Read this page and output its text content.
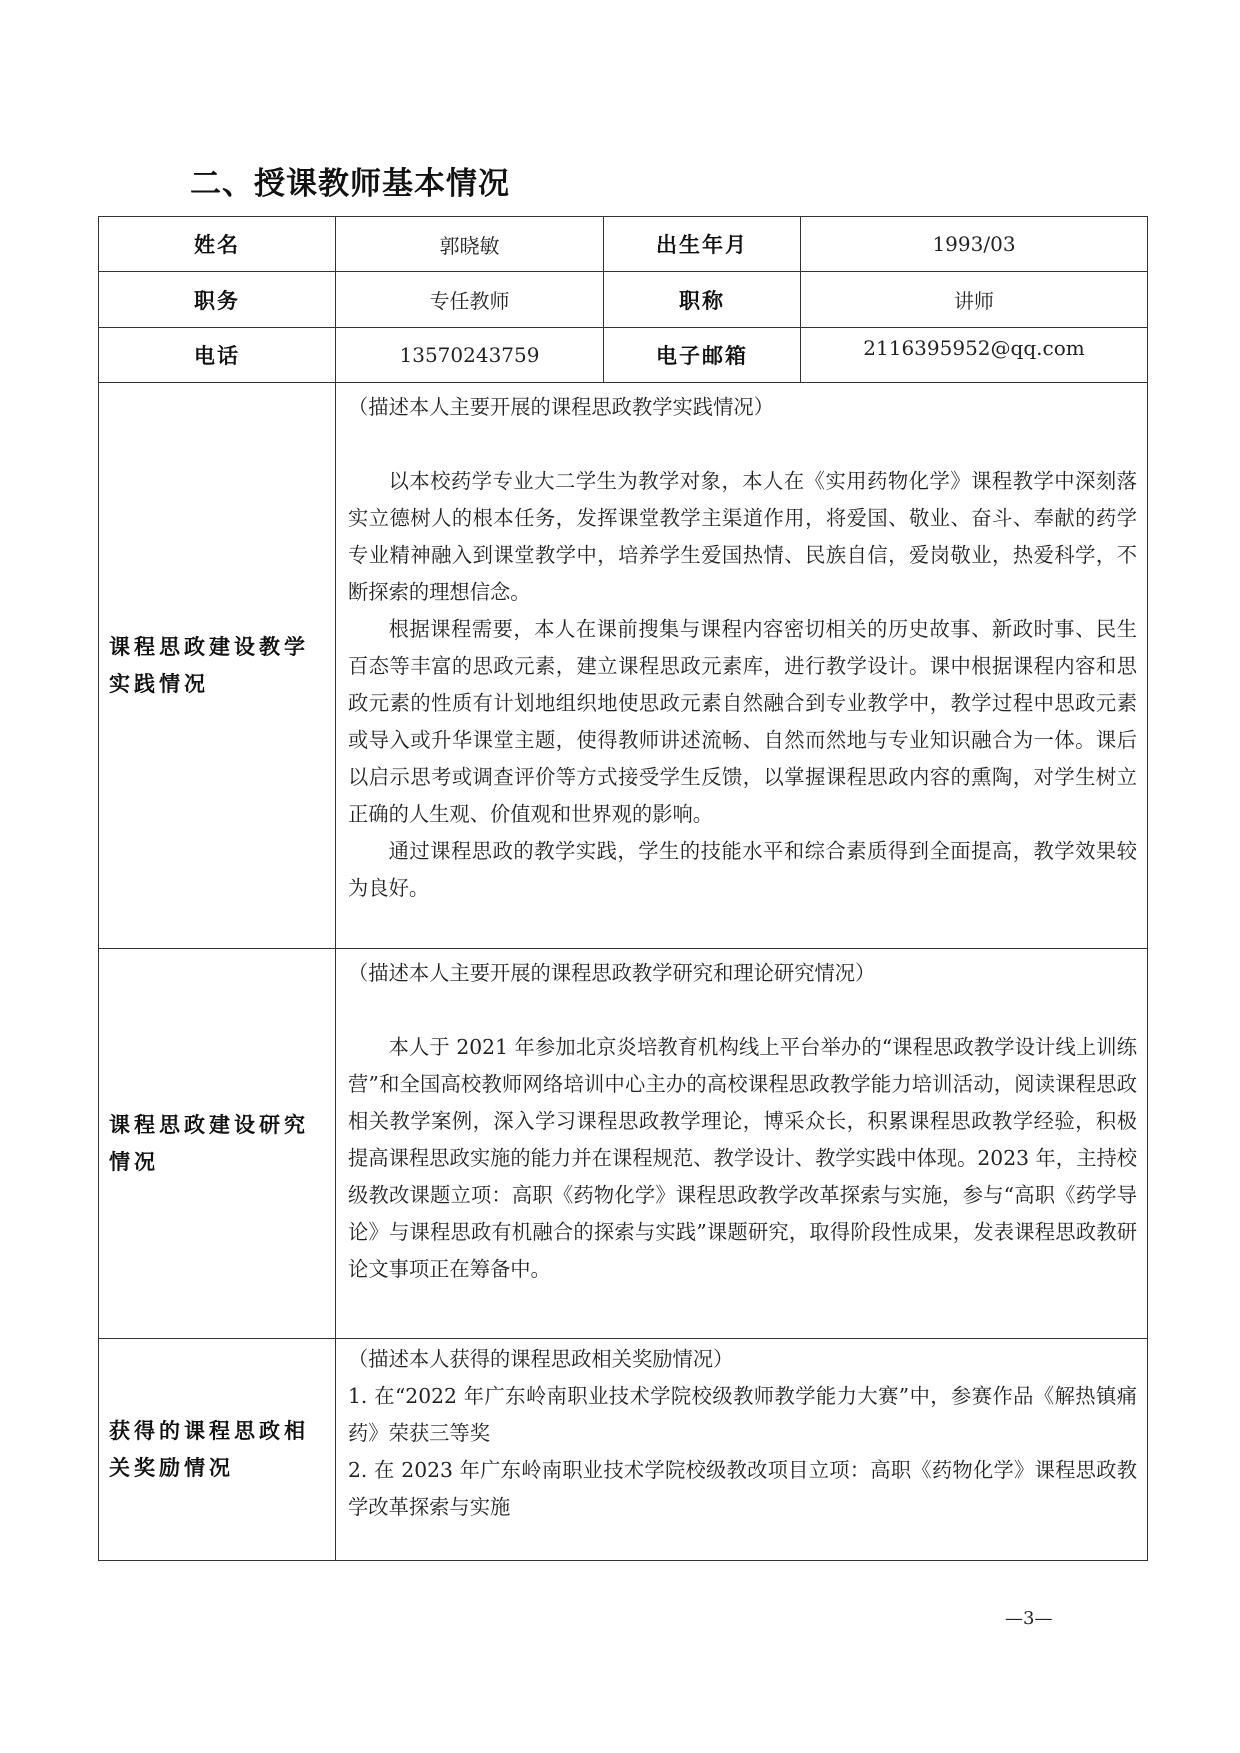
二、授课教师基本情况
姓名	郭晓敏	出生年月	1993/03
职务	专任教师	职称	讲师
电话	13570243759	电子邮箱	2116395952@qq.com
课程思政建设教学实践情况	（描述本人主要开展的课程思政教学实践情况）

以本校药学专业大二学生为教学对象，本人在《实用药物化学》课程教学中深刻落实立德树人的根本任务，发挥课堂教学主渠道作用，将爱国、敬业、奋斗、奉献的药学专业精神融入到课堂教学中，培养学生爱国热情、民族自信，爱岗敬业，热爱科学，不断探索的理想信念。

根据课程需要，本人在课前搜集与课程内容密切相关的历史故事、新政时事、民生百态等丰富的思政元素，建立课程思政元素库，进行教学设计。课中根据课程内容和思政元素的性质有计划地组织地使思政元素自然融合到专业教学中，教学过程中思政元素或导入或升华课堂主题，使得教师讲述流畅、自然而然地与专业知识融合为一体。课后以启示思考或调查评价等方式接受学生反馈，以掌握课程思政内容的熏陶，对学生树立正确的人生观、价值观和世界观的影响。

通过课程思政的教学实践，学生的技能水平和综合素质得到全面提高，教学效果较为良好。		

课程思政建设研究情况	（描述本人主要开展的课程思政教学研究和理论研究情况）

本人于 2021 年参加北京炎培教育机构线上平台举办的“课程思政教学设计线上训练营”和全国高校教师网络培训中心主办的高校课程思政教学能力培训活动，阅读课程思政相关教学案例，深入学习课程思政教学理论，博采众长，积累课程思政教学经验，积极提高课程思政实施的能力并在课程规范、教学设计、教学实践中体现。2023 年，主持校级教改课题立项：高职《药物化学》课程思政教学改革探索与实施，参与“高职《药学导论》与课程思政有机融合的探索与实践”课题研究，取得阶段性成果，发表课程思政教研论文事项正在筹备中。		

获得的课程思政相关奖励情况	（描述本人获得的课程思政相关奖励情况）

1. 在“2022 年广东岭南职业技术学院校级教师教学能力大赛”中，参赛作品《解热镇痛药》荣获三等奖

2. 在 2023 年广东岭南职业技术学院校级教改项目立项：高职《药物化学》课程思政教学改革探索与实施		

—3—
